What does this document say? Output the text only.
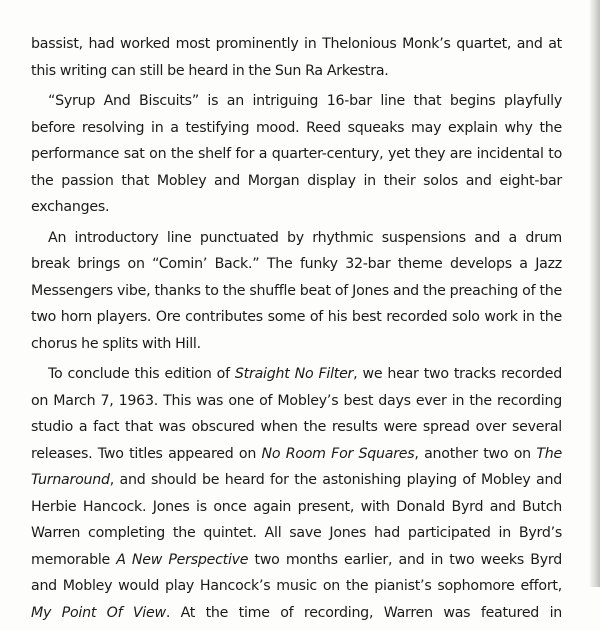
bassist, had worked most prominently in Thelonious Monk’s quartet, and at this writing can still be heard in the Sun Ra Arkestra.

“Syrup And Biscuits” is an intriguing 16-bar line that begins playfully before resolving in a testifying mood. Reed squeaks may explain why the performance sat on the shelf for a quarter-century, yet they are incidental to the passion that Mobley and Morgan display in their solos and eight-bar exchanges.

An introductory line punctuated by rhythmic suspensions and a drum break brings on “Comin’ Back.” The funky 32-bar theme develops a Jazz Messengers vibe, thanks to the shuffle beat of Jones and the preaching of the two horn players. Ore contributes some of his best recorded solo work in the chorus he splits with Hill.

To conclude this edition of Straight No Filter, we hear two tracks recorded on March 7, 1963. This was one of Mobley’s best days ever in the recording studio a fact that was obscured when the results were spread over several releases. Two titles appeared on No Room For Squares, another two on The Turnaround, and should be heard for the astonishing playing of Mobley and Herbie Hancock. Jones is once again present, with Donald Byrd and Butch Warren completing the quintet. All save Jones had participated in Byrd’s memorable A New Perspective two months earlier, and in two weeks Byrd and Mobley would play Hancock’s music on the pianist’s sophomore effort, My Point Of View. At the time of recording, Warren was featured in
